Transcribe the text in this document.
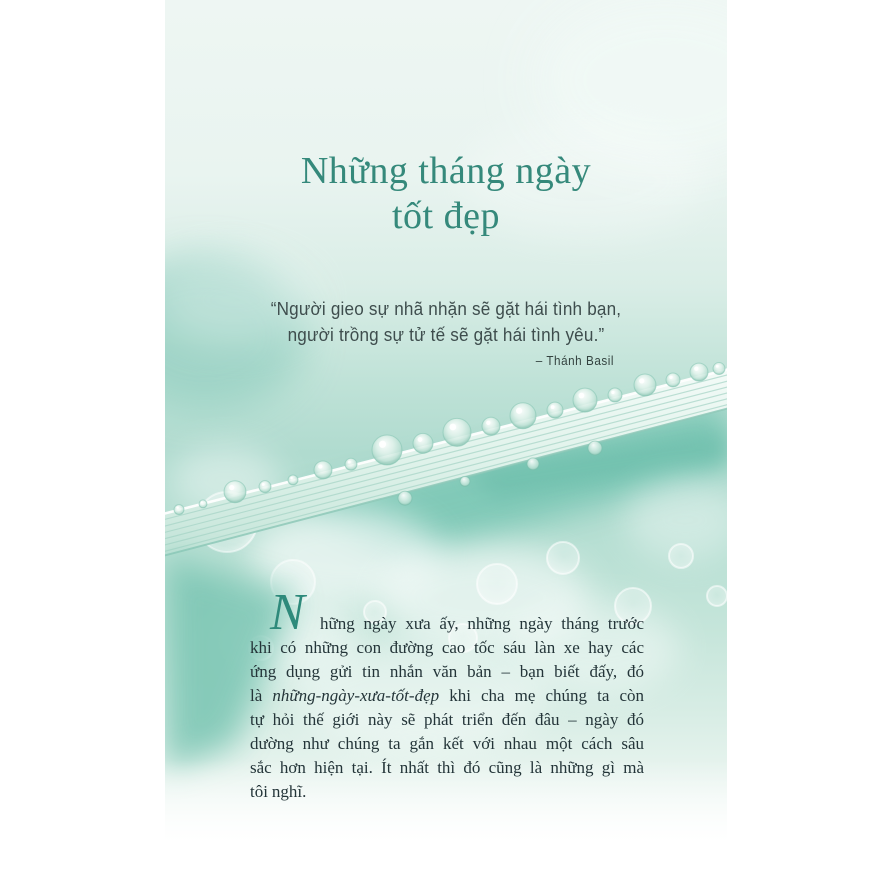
Những tháng ngày
tốt đẹp
“Người gieo sự nhã nhặn sẽ gặt hái tình bạn,
người trồng sự tử tế sẽ gặt hái tình yêu.”
– Thánh Basil
N hững ngày xưa ấy, những ngày tháng trước
khi có những con đường cao tốc sáu làn xe hay các
ứng dụng gửi tin nhắn văn bản – bạn biết đấy, đó
là những-ngày-xưa-tốt-đẹp khi cha mẹ chúng ta còn
tự hỏi thế giới này sẽ phát triển đến đâu – ngày đó
dường như chúng ta gắn kết với nhau một cách sâu
sắc hơn hiện tại. Ít nhất thì đó cũng là những gì mà
tôi nghĩ.
